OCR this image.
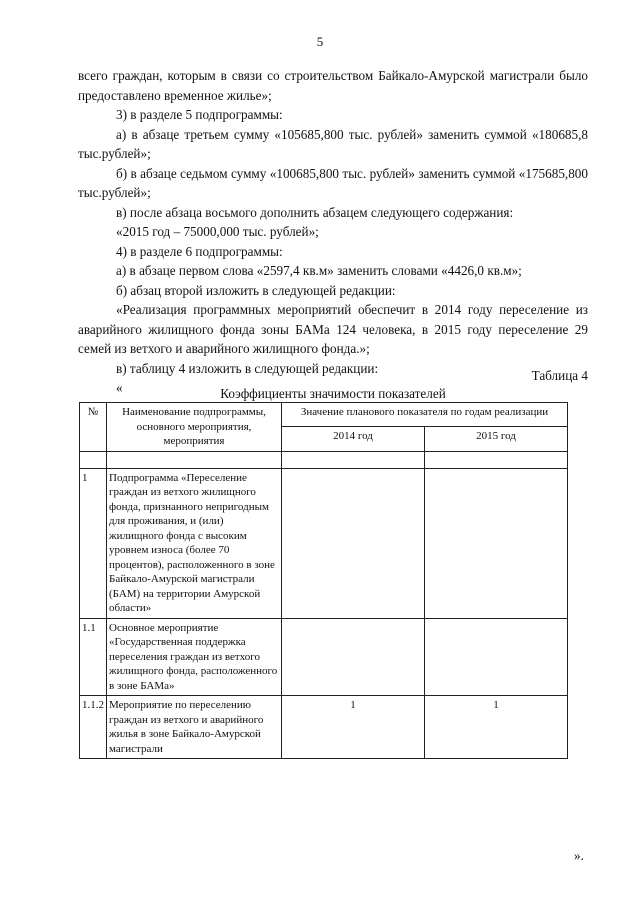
5

всего граждан, которым в связи со строительством Байкало-Амурской магистрали было предоставлено временное жилье»;

3) в разделе 5 подпрограммы:

а) в абзаце третьем сумму «105685,800 тыс. рублей» заменить суммой «180685,8 тыс.рублей»;

б) в абзаце седьмом сумму «100685,800 тыс. рублей» заменить суммой «175685,800 тыс.рублей»;

в) после абзаца восьмого дополнить абзацем следующего содержания:

«2015 год – 75000,000 тыс. рублей»;

4) в разделе 6 подпрограммы:

а) в абзаце первом слова «2597,4 кв.м» заменить словами «4426,0 кв.м»;

б) абзац второй изложить в следующей редакции:

«Реализация программных мероприятий обеспечит в 2014 году переселение из аварийного жилищного фонда зоны БАМа 124 человека, в 2015 году переселение 29 семей из ветхого и аварийного жилищного фонда.»;

в) таблицу 4 изложить в следующей редакции:

«

Таблица 4
Коэффициенты значимости показателей
№	Наименование подпрограммы, основного мероприятия, мероприятия	Значение планового показателя по годам реализации	
		2014 год	2015 год

1	Подпрограмма «Переселение граждан из ветхого жилищного фонда, признанного непригодным для проживания, и (или) жилищного фонда с высоким уровнем износа (более 70 процентов), расположенного в зоне Байкало-Амурской магистрали (БАМ) на территории Амурской области»		
1.1	Основное мероприятие «Государственная поддержка переселения граждан из ветхого жилищного фонда, расположенного в зоне БАМа»		
1.1.2	Мероприятие по переселению граждан из ветхого и аварийного жилья в зоне Байкало-Амурской магистрали	1	1
».
